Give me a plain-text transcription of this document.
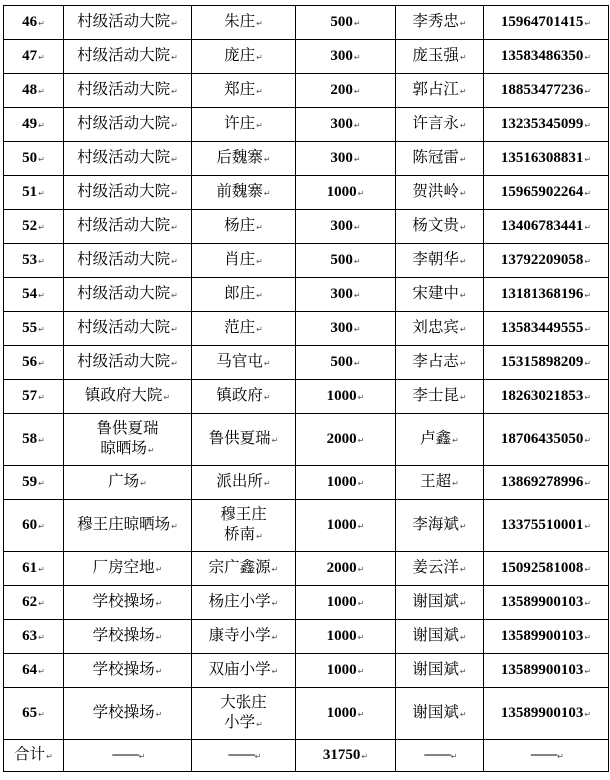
46↵	村级活动大院↵	朱庄↵	500↵	李秀忠↵	15964701415↵
47↵	村级活动大院↵	庞庄↵	300↵	庞玉强↵	13583486350↵
48↵	村级活动大院↵	郑庄↵	200↵	郭占江↵	18853477236↵
49↵	村级活动大院↵	许庄↵	300↵	许言永↵	13235345099↵
50↵	村级活动大院↵	后魏寨↵	300↵	陈冠雷↵	13516308831↵
51↵	村级活动大院↵	前魏寨↵	1000↵	贺洪岭↵	15965902264↵
52↵	村级活动大院↵	杨庄↵	300↵	杨文贵↵	13406783441↵
53↵	村级活动大院↵	肖庄↵	500↵	李朝华↵	13792209058↵
54↵	村级活动大院↵	郎庄↵	300↵	宋建中↵	13181368196↵
55↵	村级活动大院↵	范庄↵	300↵	刘忠宾↵	13583449555↵
56↵	村级活动大院↵	马官屯↵	500↵	李占志↵	15315898209↵
57↵	镇政府大院↵	镇政府↵	1000↵	李士昆↵	18263021853↵
58↵	鲁供夏瑞
晾晒场↵	鲁供夏瑞↵	2000↵	卢鑫↵	18706435050↵
59↵	广场↵	派出所↵	1000↵	王超↵	13869278996↵
60↵	穆王庄晾晒场↵	穆王庄
桥南↵	1000↵	李海斌↵	13375510001↵
61↵	厂房空地↵	宗广鑫源↵	2000↵	姜云洋↵	15092581008↵
62↵	学校操场↵	杨庄小学↵	1000↵	谢国斌↵	13589900103↵
63↵	学校操场↵	康寺小学↵	1000↵	谢国斌↵	13589900103↵
64↵	学校操场↵	双庙小学↵	1000↵	谢国斌↵	13589900103↵
65↵	学校操场↵	大张庄
小学↵	1000↵	谢国斌↵	13589900103↵
合计↵	——↵	——↵	31750↵	——↵	——↵
